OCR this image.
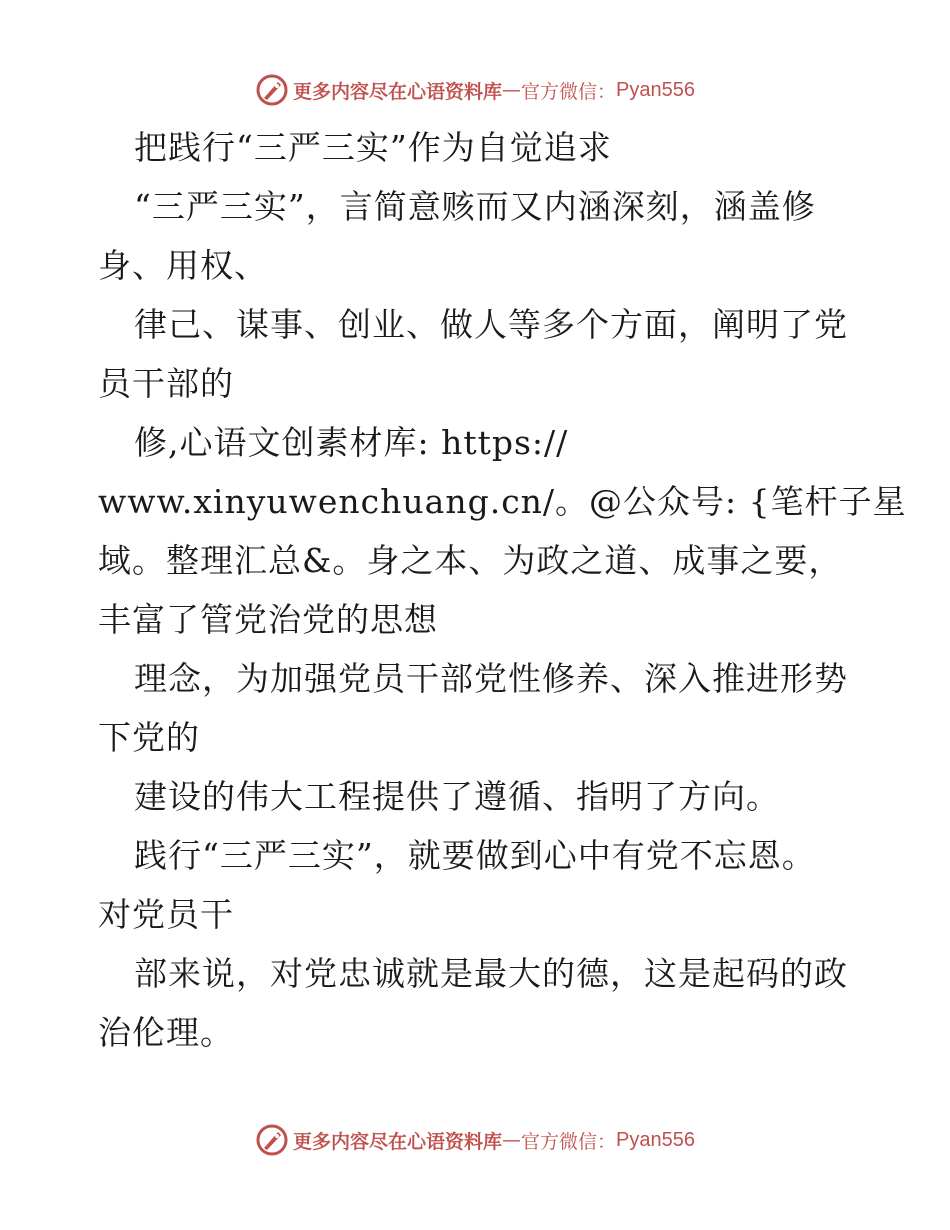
更多内容尽在心语资料库 — 官方微信： Pyan556
把践行“三严三实”作为自觉追求
“三严三实”，言简意赅而又内涵深刻，涵盖修
身、用权、
律己、谋事、创业、做人等多个方面，阐明了党
员干部的
修,心语文创素材库: https://
www.xinyuwenchuang.cn/。@公众号: {笔杆子星
域。整理汇总&。身之本、为政之道、成事之要，
丰富了管党治党的思想
理念，为加强党员干部党性修养、深入推进形势
下党的
建设的伟大工程提供了遵循、指明了方向。
践行“三严三实”，就要做到心中有党不忘恩。
对党员干
部来说，对党忠诚就是最大的德，这是起码的政
治伦理。
更多内容尽在心语资料库 — 官方微信： Pyan556
